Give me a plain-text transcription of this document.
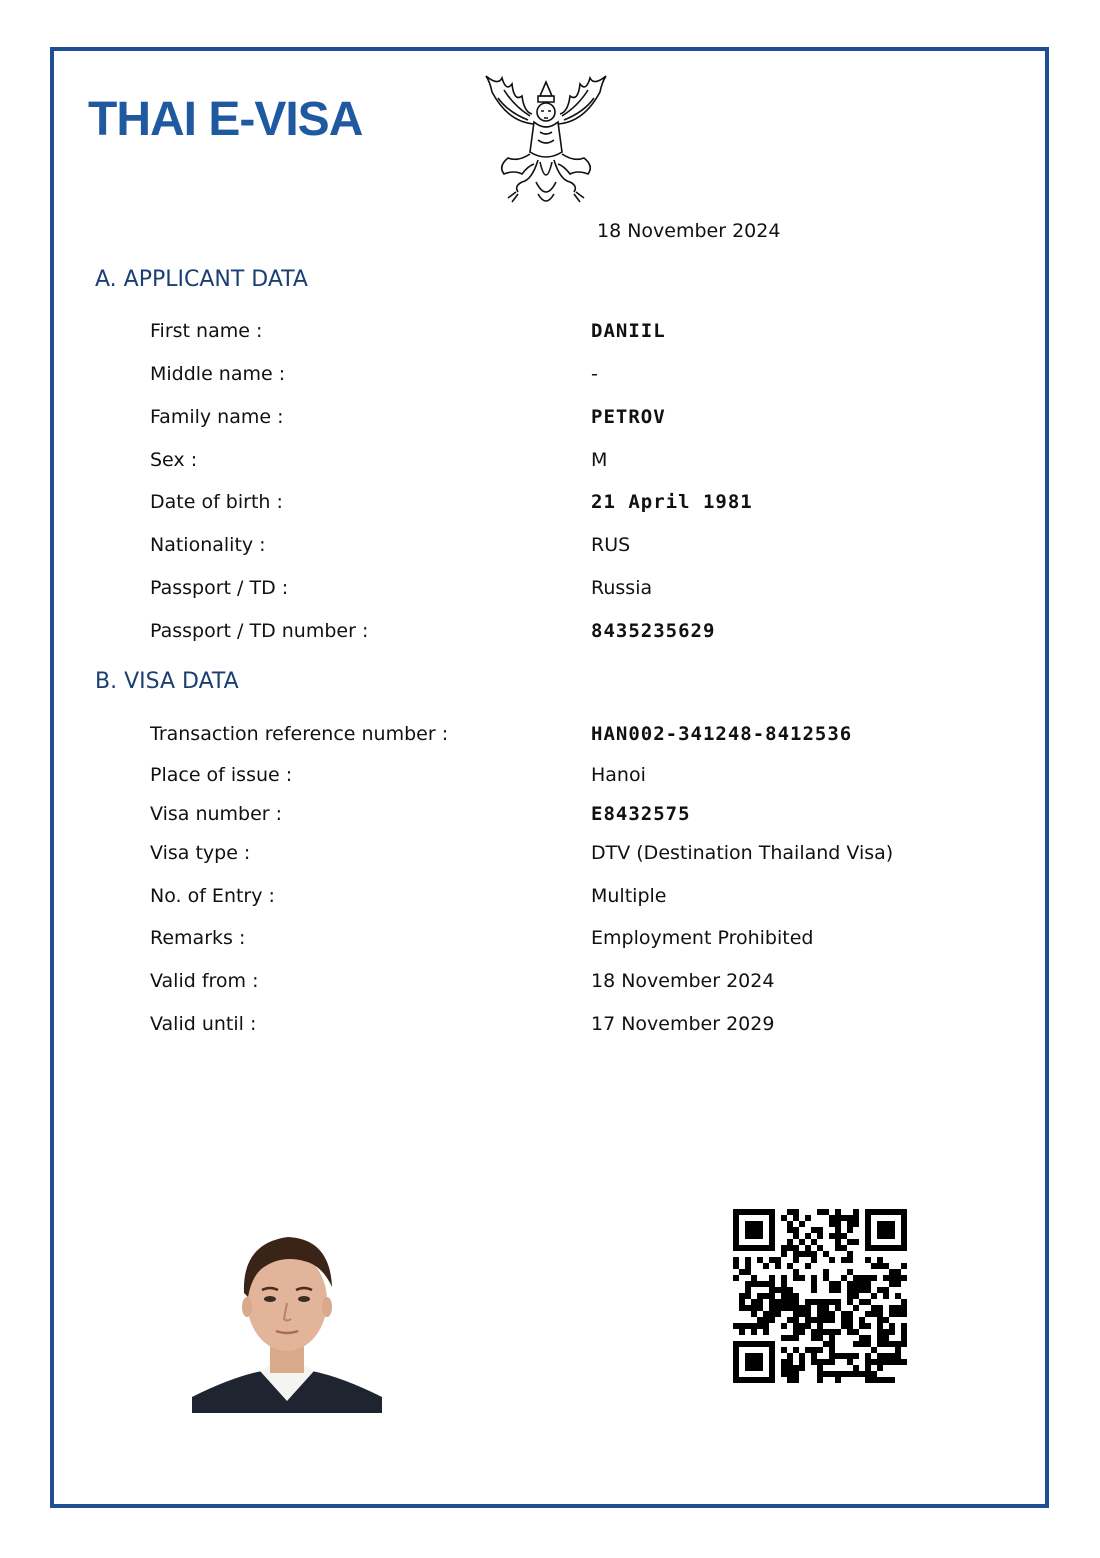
THAI E-VISA
18 November 2024
A. APPLICANT DATA
First name :	DANIIL
Middle name :	-
Family name :	PETROV
Sex :	M
Date of birth :	21 April 1981
Nationality :	RUS
Passport / TD :	Russia
Passport / TD number :	8435235629
B. VISA DATA
Transaction reference number :	HAN002-341248-8412536
Place of issue :	Hanoi
Visa number :	E8432575
Visa type :	DTV (Destination Thailand Visa)
No. of Entry :	Multiple
Remarks :	Employment Prohibited
Valid from :	18 November 2024
Valid until :	17 November 2029
